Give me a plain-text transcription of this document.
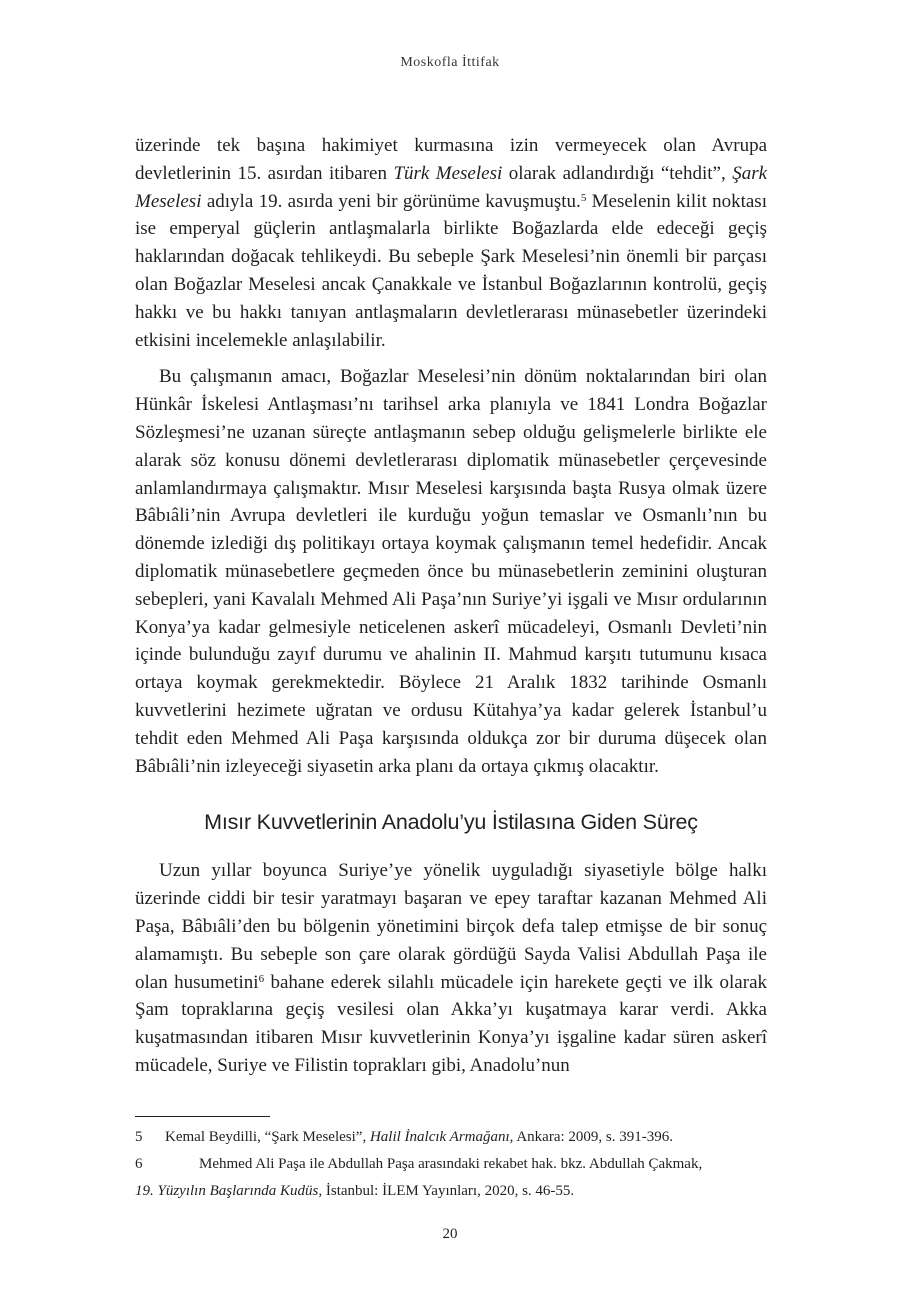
Moskofla İttifak

üzerinde tek başına hakimiyet kurmasına izin vermeyecek olan Avrupa devletlerinin 15. asırdan itibaren Türk Meselesi olarak adlandırdığı “tehdit”, Şark Meselesi adıyla 19. asırda yeni bir görünüme kavuşmuştu.$^5$ Meselenin kilit noktası ise emperyal güçlerin antlaşmalarla birlikte Boğazlarda elde edeceği geçiş haklarından doğacak tehlikeydi. Bu sebeple Şark Meselesi’nin önemli bir parçası olan Boğazlar Meselesi ancak Çanakkale ve İstanbul Boğazlarının kontrolü, geçiş hakkı ve bu hakkı tanıyan antlaşmaların devletlerarası münasebetler üzerindeki etkisini incelemekle anlaşılabilir.

Bu çalışmanın amacı, Boğazlar Meselesi’nin dönüm noktalarından biri olan Hünkâr İskelesi Antlaşması’nı tarihsel arka planıyla ve 1841 Londra Boğazlar Sözleşmesi’ne uzanan süreçte antlaşmanın sebep olduğu gelişmelerle birlikte ele alarak söz konusu dönemi devletlerarası diplomatik münasebetler çerçevesinde anlamlandırmaya çalışmaktır. Mısır Meselesi karşısında başta Rusya olmak üzere Bâbıâli’nin Avrupa devletleri ile kurduğu yoğun temaslar ve Osmanlı’nın bu dönemde izlediği dış politikayı ortaya koymak çalışmanın temel hedefidir. Ancak diplomatik münasebetlere geçmeden önce bu münasebetlerin zeminini oluşturan sebepleri, yani Kavalalı Mehmed Ali Paşa’nın Suriye’yi işgali ve Mısır ordularının Konya’ya kadar gelmesiyle neticelenen askerî mücadeleyi, Osmanlı Devleti’nin içinde bulunduğu zayıf durumu ve ahalinin II. Mahmud karşıtı tutumunu kısaca ortaya koymak gerekmektedir. Böylece 21 Aralık 1832 tarihinde Osmanlı kuvvetlerini hezimete uğratan ve ordusu Kütahya’ya kadar gelerek İstanbul’u tehdit eden Mehmed Ali Paşa karşısında oldukça zor bir duruma düşecek olan Bâbıâli’nin izleyeceği siyasetin arka planı da ortaya çıkmış olacaktır.

Mısır Kuvvetlerinin Anadolu’yu İstilasına Giden Süreç

Uzun yıllar boyunca Suriye’ye yönelik uyguladığı siyasetiyle bölge halkı üzerinde ciddi bir tesir yaratmayı başaran ve epey taraftar kazanan Mehmed Ali Paşa, Bâbıâli’den bu bölgenin yönetimini birçok defa talep etmişse de bir sonuç alamamıştı. Bu sebeple son çare olarak gördüğü Sayda Valisi Abdullah Paşa ile olan husumetini$^6$ bahane ederek silahlı mücadele için harekete geçti ve ilk olarak Şam topraklarına geçiş vesilesi olan Akka’yı kuşatmaya karar verdi. Akka kuşatmasından itibaren Mısır kuvvetlerinin Konya’yı işgaline kadar süren askerî mücadele, Suriye ve Filistin toprakları gibi, Anadolu’nun

5 Kemal Beydilli, “Şark Meselesi”, Halil İnalcık Armağanı, Ankara: 2009, s. 391-396.

6	Mehmed Ali Paşa ile Abdullah Paşa arasındaki rekabet hak. bkz. Abdullah Çakmak,
19. Yüzyılın Başlarında Kudüs, İstanbul: İLEM Yayınları, 2020, s. 46-55.

20
